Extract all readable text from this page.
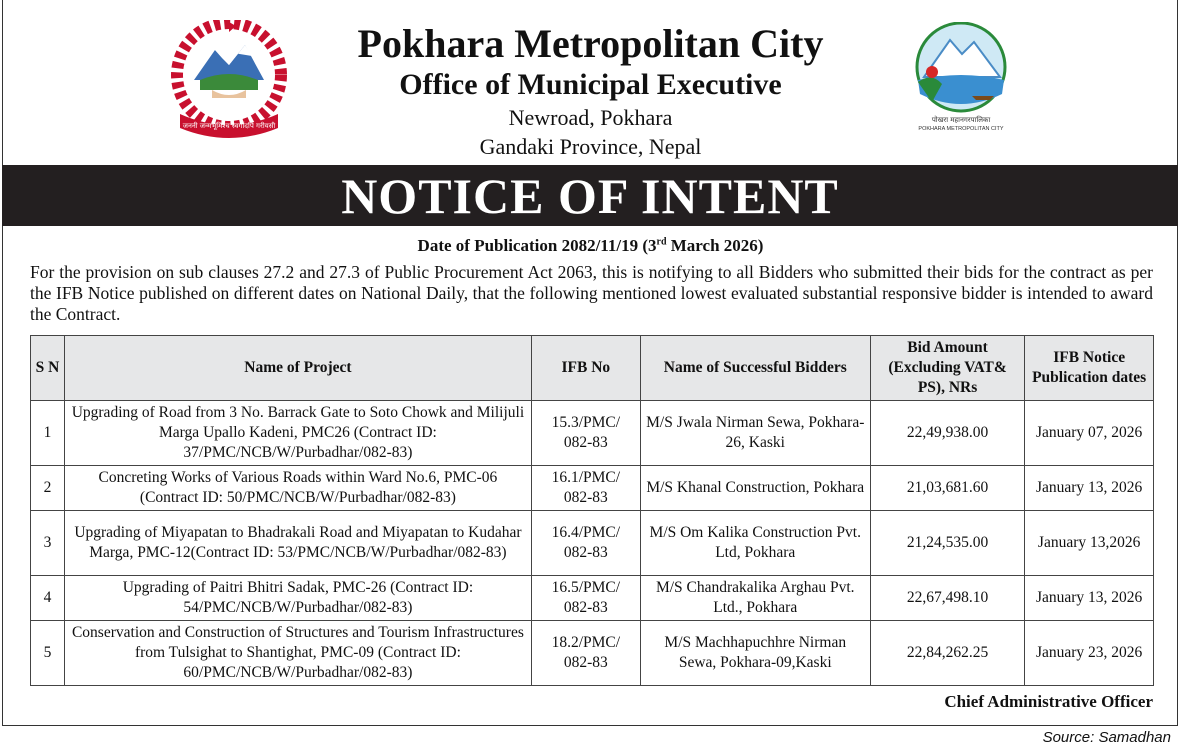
जननी जन्मभूमिश्च स्वर्गादपि गरीयसी
पोखरा महानगरपालिका
POKHARA METROPOLITAN CITY
Pokhara Metropolitan City
Office of Municipal Executive
Newroad, Pokhara
Gandaki Province, Nepal
NOTICE OF INTENT
Date of Publication 2082/11/19 (3rd March 2026)
For the provision on sub clauses 27.2 and 27.3 of Public Procurement Act 2063, this is notifying to all Bidders who submitted their bids for the contract as per the IFB Notice published on different dates on National Daily, that the following mentioned lowest evaluated substantial responsive bidder is intended to award the Contract.
S N	Name of Project	IFB No	Name of Successful Bidders	Bid Amount (Excluding VAT& PS), NRs	IFB Notice Publication dates
1	Upgrading of Road from 3 No. Barrack Gate to Soto Chowk and Milijuli Marga Upallo Kadeni, PMC26 (Contract ID: 37/PMC/NCB/W/Purbadhar/082-83)	15.3/PMC/ 082-83	M/S Jwala Nirman Sewa, Pokhara-26, Kaski	22,49,938.00	January 07, 2026
2	Concreting Works of Various Roads within Ward No.6, PMC-06 (Contract ID: 50/PMC/NCB/W/Purbadhar/082-83)	16.1/PMC/ 082-83	M/S Khanal Construction, Pokhara	21,03,681.60	January 13, 2026
3	Upgrading of Miyapatan to Bhadrakali Road and Miyapatan to Kudahar Marga, PMC-12(Contract ID: 53/PMC/NCB/W/Purbadhar/082-83)	16.4/PMC/ 082-83	M/S Om Kalika Construction Pvt. Ltd, Pokhara	21,24,535.00	January 13,2026
4	Upgrading of Paitri Bhitri Sadak, PMC-26 (Contract ID: 54/PMC/NCB/W/Purbadhar/082-83)	16.5/PMC/ 082-83	M/S Chandrakalika Arghau Pvt. Ltd., Pokhara	22,67,498.10	January 13, 2026
5	Conservation and Construction of Structures and Tourism Infrastructures from Tulsighat to Shantighat, PMC-09 (Contract ID: 60/PMC/NCB/W/Purbadhar/082-83)	18.2/PMC/ 082-83	M/S Machhapuchhre Nirman Sewa, Pokhara-09,Kaski	22,84,262.25	January 23, 2026
Chief Administrative Officer
Source: Samadhan
